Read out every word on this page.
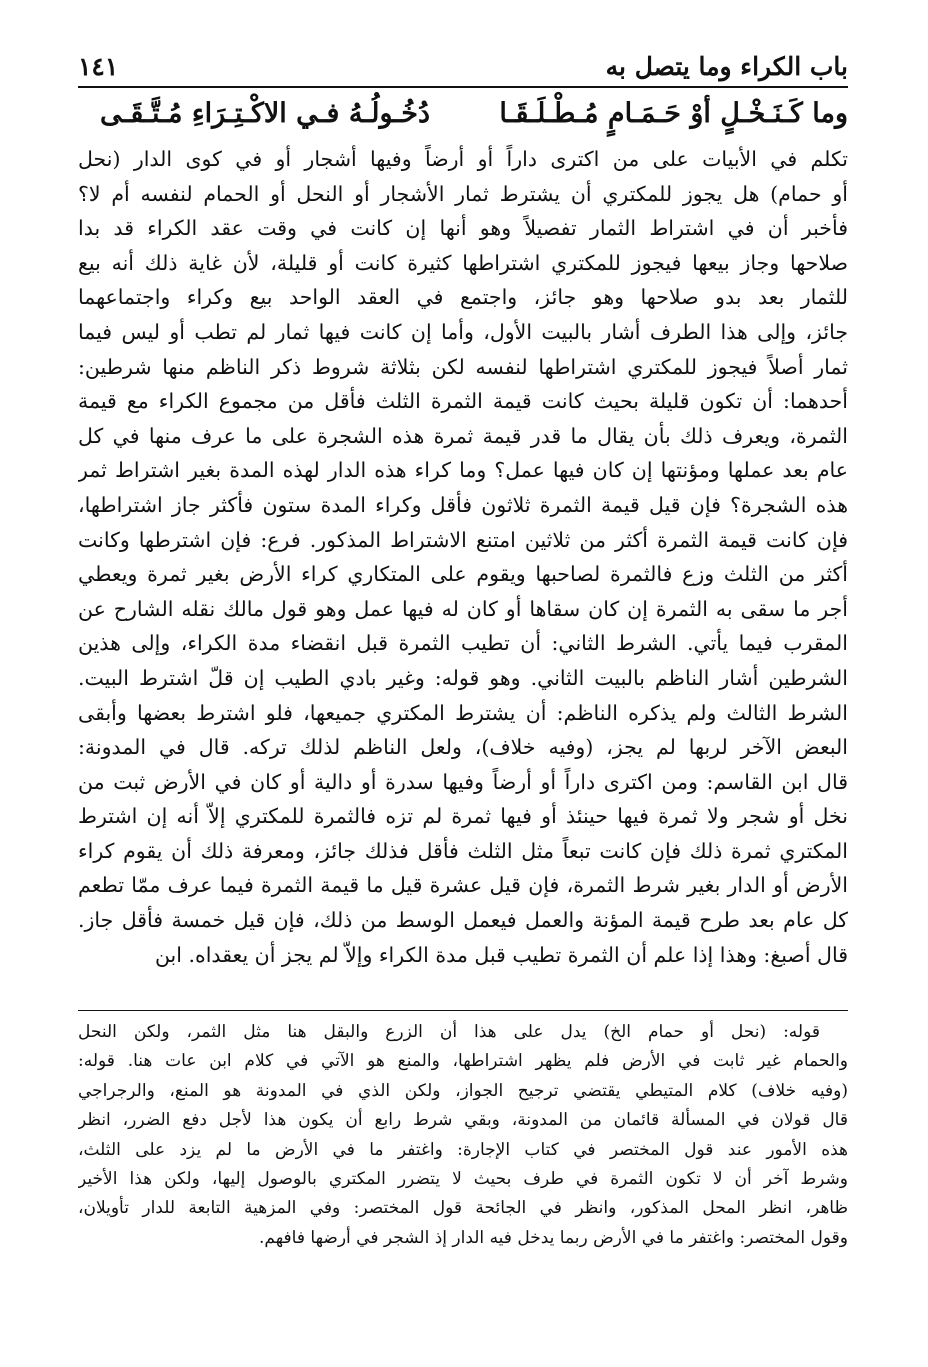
باب الكراء وما يتصل به
١٤١
وما كَـنَـخْـلٍ أوْ حَـمَـامٍ مُـطْـلَـقَـا
دُخُـولُـهُ فـي الاكْـتِـرَاءِ مُـتَّـقَـى
تكلم في الأبيات على من اكترى داراً أو أرضاً وفيها أشجار أو في كوى الدار (نحل
أو حمام) هل يجوز للمكتري أن يشترط ثمار الأشجار أو النحل أو الحمام لنفسه أم لا؟
فأخبر أن في اشتراط الثمار تفصيلاً وهو أنها إن كانت في وقت عقد الكراء قد بدا
صلاحها وجاز بيعها فيجوز للمكتري اشتراطها كثيرة كانت أو قليلة، لأن غاية ذلك أنه بيع
للثمار بعد بدو صلاحها وهو جائز، واجتمع في العقد الواحد بيع وكراء واجتماعهما
جائز، وإلى هذا الطرف أشار بالبيت الأول، وأما إن كانت فيها ثمار لم تطب أو ليس فيما
ثمار أصلاً فيجوز للمكتري اشتراطها لنفسه لكن بثلاثة شروط ذكر الناظم منها شرطين:
أحدهما: أن تكون قليلة بحيث كانت قيمة الثمرة الثلث فأقل من مجموع الكراء مع قيمة
الثمرة، ويعرف ذلك بأن يقال ما قدر قيمة ثمرة هذه الشجرة على ما عرف منها في كل
عام بعد عملها ومؤنتها إن كان فيها عمل؟ وما كراء هذه الدار لهذه المدة بغير اشتراط ثمر
هذه الشجرة؟ فإن قيل قيمة الثمرة ثلاثون فأقل وكراء المدة ستون فأكثر جاز اشتراطها،
فإن كانت قيمة الثمرة أكثر من ثلاثين امتنع الاشتراط المذكور. فرع: فإن اشترطها وكانت
أكثر من الثلث وزع فالثمرة لصاحبها ويقوم على المتكاري كراء الأرض بغير ثمرة ويعطي
أجر ما سقى به الثمرة إن كان سقاها أو كان له فيها عمل وهو قول مالك نقله الشارح عن
المقرب فيما يأتي. الشرط الثاني: أن تطيب الثمرة قبل انقضاء مدة الكراء، وإلى هذين
الشرطين أشار الناظم بالبيت الثاني. وهو قوله: وغير بادي الطيب إن قلّ اشترط البيت.
الشرط الثالث ولم يذكره الناظم: أن يشترط المكتري جميعها، فلو اشترط بعضها وأبقى
البعض الآخر لربها لم يجز، (وفيه خلاف)، ولعل الناظم لذلك تركه. قال في المدونة:
قال ابن القاسم: ومن اكترى داراً أو أرضاً وفيها سدرة أو دالية أو كان في الأرض ثبت من
نخل أو شجر ولا ثمرة فيها حينئذ أو فيها ثمرة لم تزه فالثمرة للمكتري إلاّ أنه إن اشترط
المكتري ثمرة ذلك فإن كانت تبعاً مثل الثلث فأقل فذلك جائز، ومعرفة ذلك أن يقوم كراء
الأرض أو الدار بغير شرط الثمرة، فإن قيل عشرة قيل ما قيمة الثمرة فيما عرف ممّا تطعم
كل عام بعد طرح قيمة المؤنة والعمل فيعمل الوسط من ذلك، فإن قيل خمسة فأقل جاز.
قال أصبغ: وهذا إذا علم أن الثمرة تطيب قبل مدة الكراء وإلاّ لم يجز أن يعقداه. ابن
قوله: (نحل أو حمام الخ) يدل على هذا أن الزرع والبقل هنا مثل الثمر، ولكن النحل
والحمام غير ثابت في الأرض فلم يظهر اشتراطها، والمنع هو الآتي في كلام ابن عات هنا. قوله:
(وفيه خلاف) كلام المتيطي يقتضي ترجيح الجواز، ولكن الذي في المدونة هو المنع، والرجراجي
قال قولان في المسألة قائمان من المدونة، وبقي شرط رابع أن يكون هذا لأجل دفع الضرر، انظر
هذه الأمور عند قول المختصر في كتاب الإجارة: واغتفر ما في الأرض ما لم يزد على الثلث،
وشرط آخر أن لا تكون الثمرة في طرف بحيث لا يتضرر المكتري بالوصول إليها، ولكن هذا الأخير
ظاهر، انظر المحل المذكور، وانظر في الجائحة قول المختصر: وفي المزهية التابعة للدار تأويلان،
وقول المختصر: واغتفر ما في الأرض ربما يدخل فيه الدار إذ الشجر في أرضها فافهم.
